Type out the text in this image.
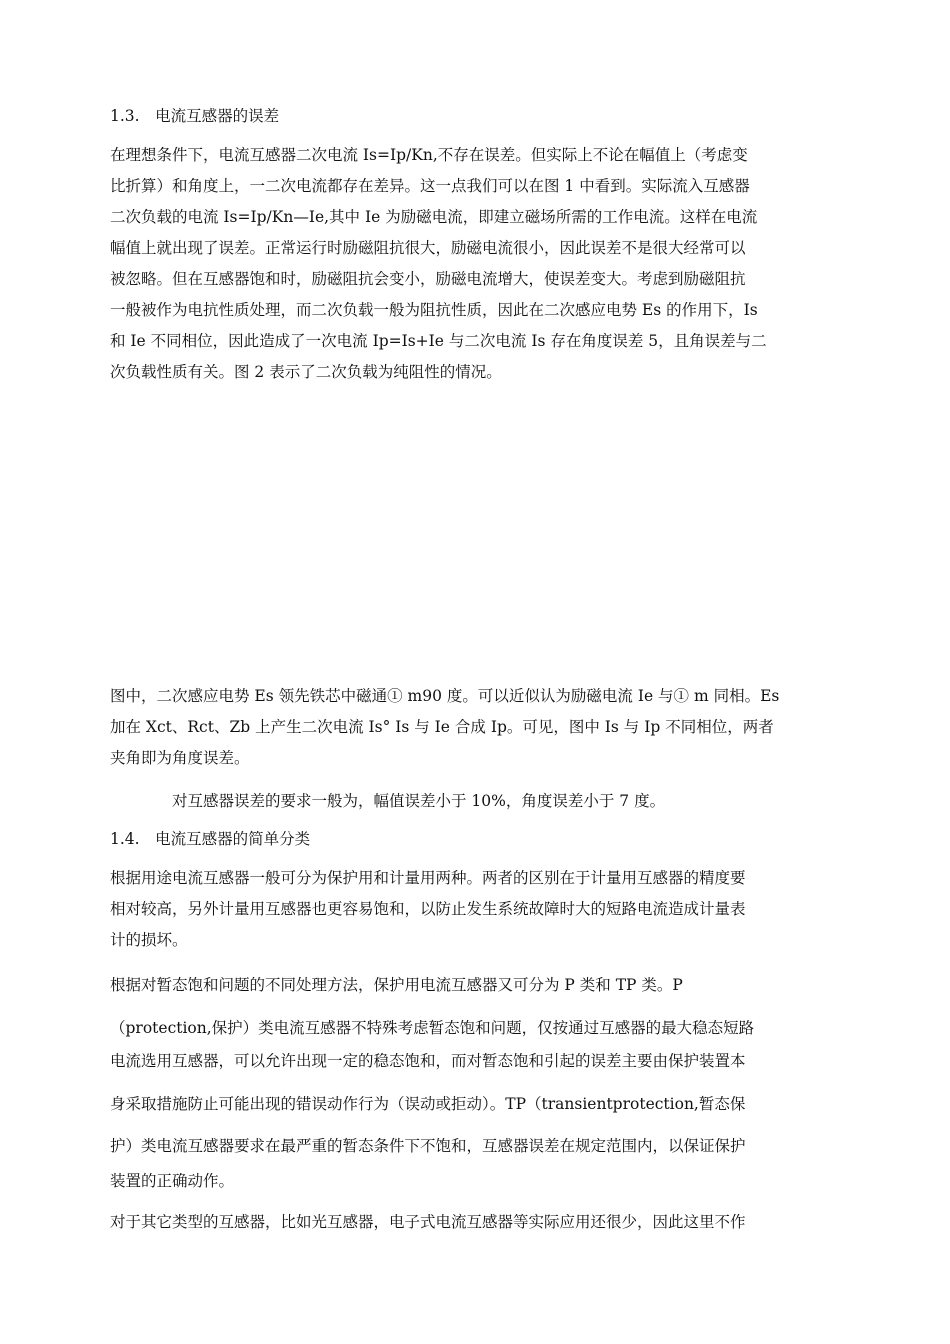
1.3.　电流互感器的误差
在理想条件下，电流互感器二次电流 Is=Ip/Kn,不存在误差。但实际上不论在幅值上（考虑变
比折算）和角度上，一二次电流都存在差异。这一点我们可以在图 1 中看到。实际流入互感器
二次负载的电流 Is=Ip/Kn—Ie,其中 Ie 为励磁电流，即建立磁场所需的工作电流。这样在电流
幅值上就出现了误差。正常运行时励磁阻抗很大，励磁电流很小，因此误差不是很大经常可以
被忽略。但在互感器饱和时，励磁阻抗会变小，励磁电流增大，使误差变大。考虑到励磁阻抗
一般被作为电抗性质处理，而二次负载一般为阻抗性质，因此在二次感应电势 Es 的作用下，Is
和 Ie 不同相位，因此造成了一次电流 Ip=Is+Ie 与二次电流 Is 存在角度误差 5，且角误差与二
次负载性质有关。图 2 表示了二次负载为纯阻性的情况。
图中，二次感应电势 Es 领先铁芯中磁通① m90 度。可以近似认为励磁电流 Ie 与① m 同相。Es
加在 Xct、Rct、Zb 上产生二次电流 Is° Is 与 Ie 合成 Ip。可见，图中 Is 与 Ip 不同相位，两者
夹角即为角度误差。
对互感器误差的要求一般为，幅值误差小于 10%，角度误差小于 7 度。
1.4.　电流互感器的简单分类
根据用途电流互感器一般可分为保护用和计量用两种。两者的区别在于计量用互感器的精度要
相对较高，另外计量用互感器也更容易饱和，以防止发生系统故障时大的短路电流造成计量表
计的损坏。
根据对暂态饱和问题的不同处理方法，保护用电流互感器又可分为 P 类和 TP 类。P
（protection,保护）类电流互感器不特殊考虑暂态饱和问题，仅按通过互感器的最大稳态短路
电流选用互感器，可以允许出现一定的稳态饱和，而对暂态饱和引起的误差主要由保护装置本
身采取措施防止可能出现的错误动作行为（误动或拒动）。TP（transientprotection,暂态保
护）类电流互感器要求在最严重的暂态条件下不饱和，互感器误差在规定范围内，以保证保护
装置的正确动作。
对于其它类型的互感器，比如光互感器，电子式电流互感器等实际应用还很少，因此这里不作
